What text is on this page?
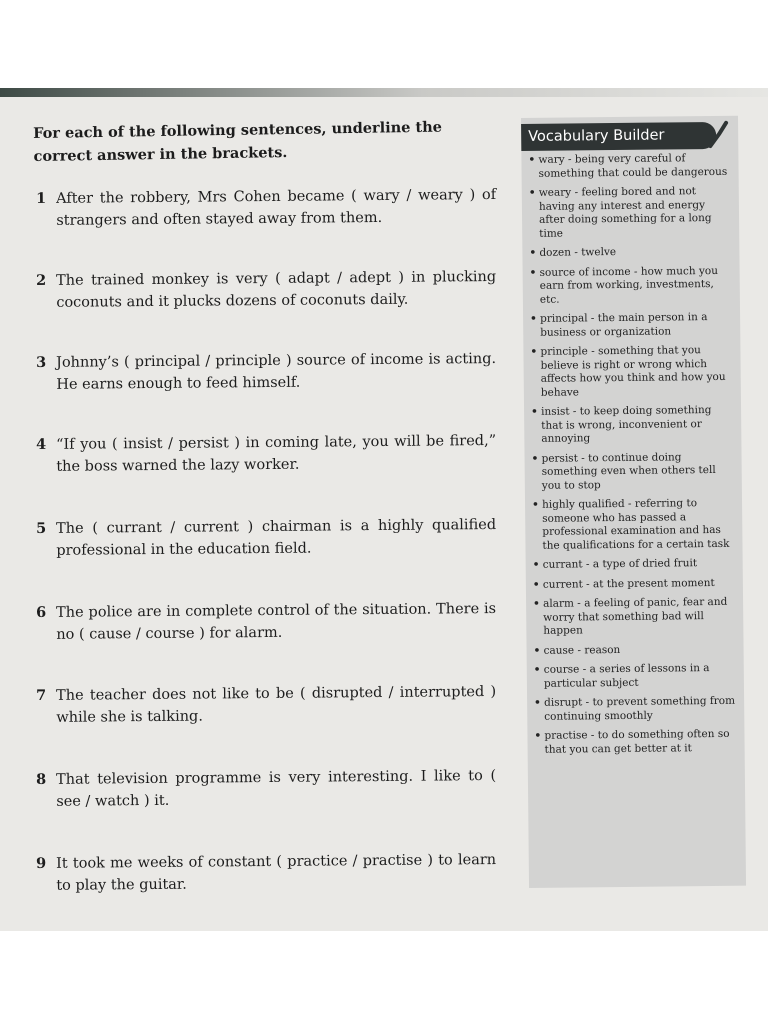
For each of the following sentences, underline the correct answer in the brackets.
1 After the robbery, Mrs Cohen became ( wary / weary ) of strangers and often stayed away from them.
2 The trained monkey is very ( adapt / adept ) in plucking coconuts and it plucks dozens of coconuts daily.
3 Johnny’s ( principal / principle ) source of income is acting. He earns enough to feed himself.
4 “If you ( insist / persist ) in coming late, you will be fired,” the boss warned the lazy worker.
5 The ( currant / current ) chairman is a highly qualified professional in the education field.
6 The police are in complete control of the situation. There is no ( cause / course ) for alarm.
7 The teacher does not like to be ( disrupted / interrupted ) while she is talking.
8 That television programme is very interesting. I like to ( see / watch ) it.
9 It took me weeks of constant ( practice / practise ) to learn to play the guitar.
Vocabulary Builder
• wary - being very careful of something that could be dangerous
• weary - feeling bored and not having any interest and energy after doing something for a long time
• dozen - twelve
• source of income - how much you earn from working, investments, etc.
• principal - the main person in a business or organization
• principle - something that you believe is right or wrong which affects how you think and how you behave
• insist - to keep doing something that is wrong, inconvenient or annoying
• persist - to continue doing something even when others tell you to stop
• highly qualified - referring to someone who has passed a professional examination and has the qualifications for a certain task
• currant - a type of dried fruit
• current - at the present moment
• alarm - a feeling of panic, fear and worry that something bad will happen
• cause - reason
• course - a series of lessons in a particular subject
• disrupt - to prevent something from continuing smoothly
• practise - to do something often so that you can get better at it
